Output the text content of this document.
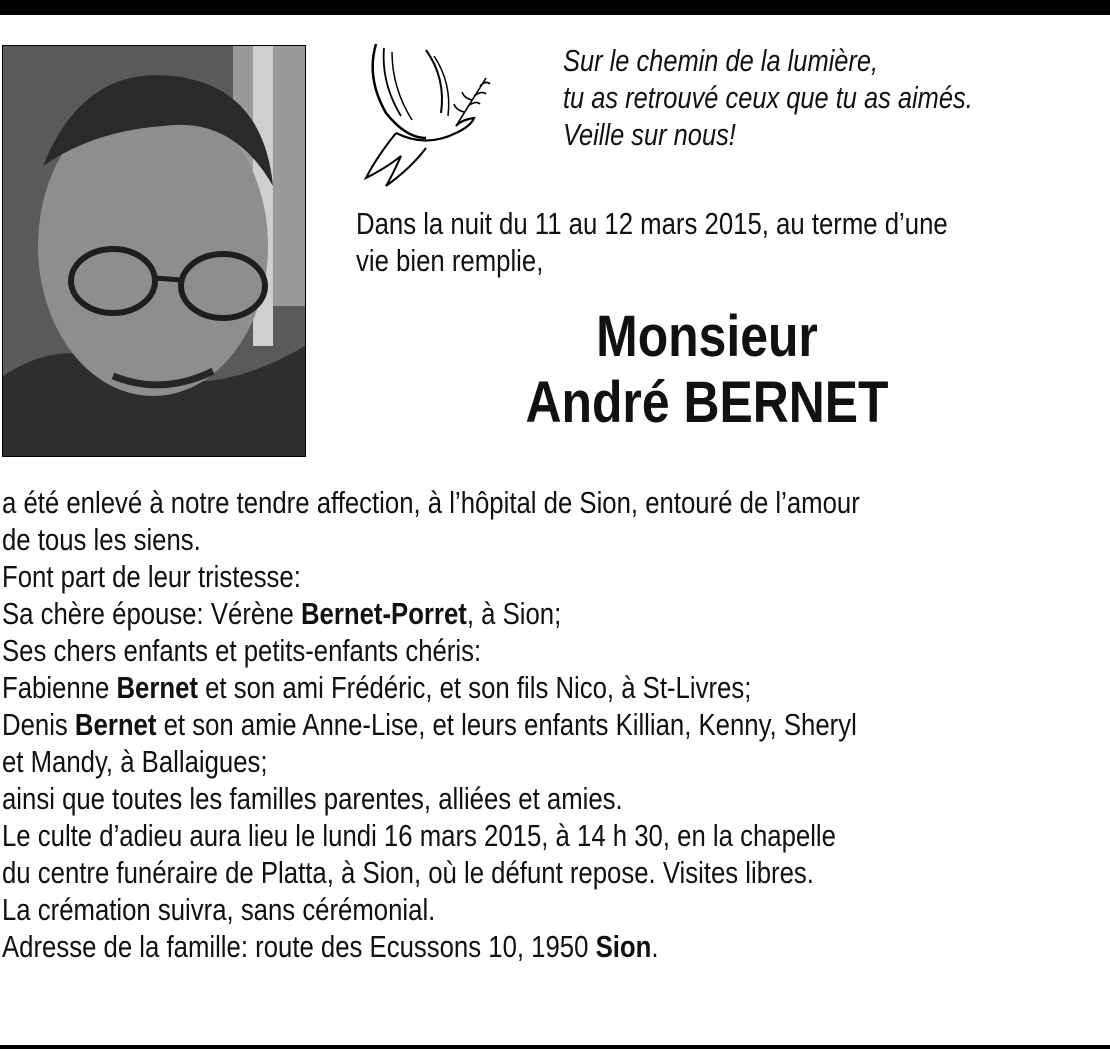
Sur le chemin de la lumière,
tu as retrouvé ceux que tu as aimés.
Veille sur nous!
Dans la nuit du 11 au 12 mars 2015, au terme d’une
vie bien remplie,
Monsieur
André BERNET
a été enlevé à notre tendre affection, à l’hôpital de Sion, entouré de l’amour
de tous les siens.
Font part de leur tristesse:
Sa chère épouse: Vérène Bernet-Porret, à Sion;
Ses chers enfants et petits-enfants chéris:
Fabienne Bernet et son ami Frédéric, et son fils Nico, à St-Livres;
Denis Bernet et son amie Anne-Lise, et leurs enfants Killian, Kenny, Sheryl
et Mandy, à Ballaigues;
ainsi que toutes les familles parentes, alliées et amies.
Le culte d’adieu aura lieu le lundi 16 mars 2015, à 14 h 30, en la chapelle
du centre funéraire de Platta, à Sion, où le défunt repose. Visites libres.
La crémation suivra, sans cérémonial.
Adresse de la famille: route des Ecussons 10, 1950 Sion.
